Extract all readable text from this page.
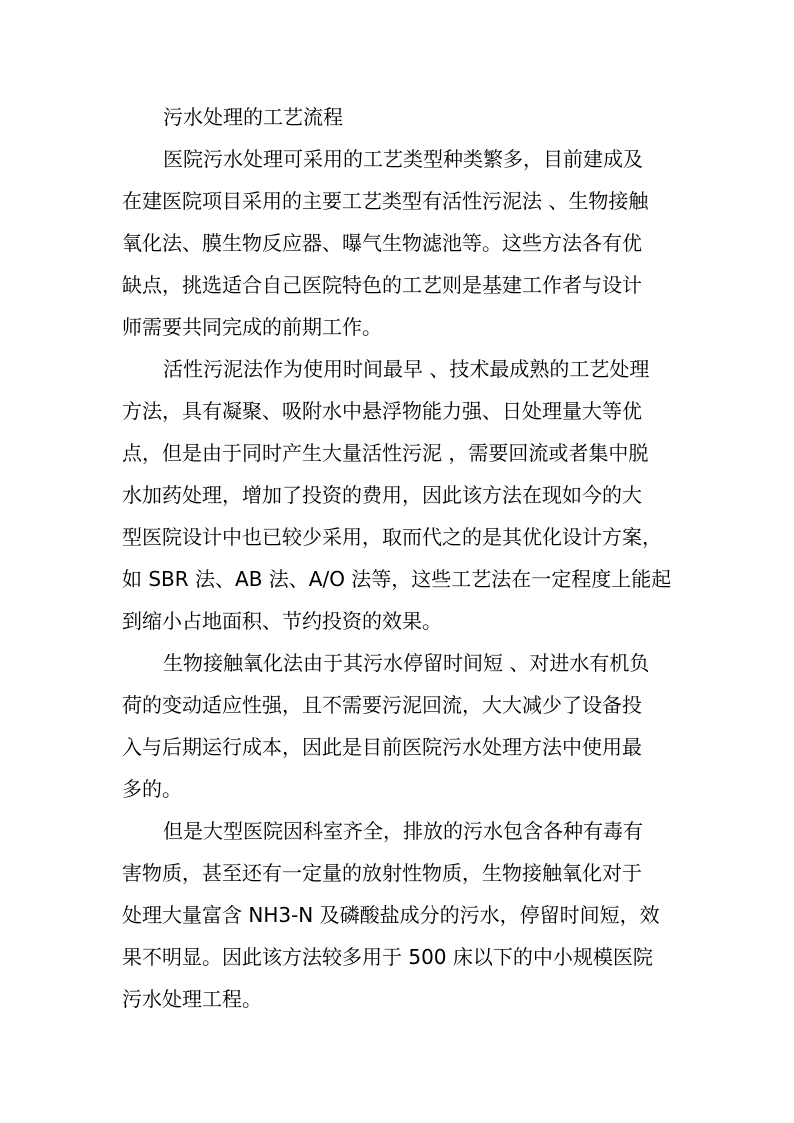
污水处理的工艺流程

医院污水处理可采用的工艺类型种类繁多，目前建成及

在建医院项目采用的主要工艺类型有活性污泥法 、生物接触

氧化法、膜生物反应器、曝气生物滤池等。这些方法各有优

缺点，挑选适合自己医院特色的工艺则是基建工作者与设计

师需要共同完成的前期工作。

活性污泥法作为使用时间最早 、技术最成熟的工艺处理

方法，具有凝聚、吸附水中悬浮物能力强、日处理量大等优

点，但是由于同时产生大量活性污泥 ，需要回流或者集中脱

水加药处理，增加了投资的费用，因此该方法在现如今的大

型医院设计中也已较少采用，取而代之的是其优化设计方案，

如 SBR 法、AB 法、A/O 法等，这些工艺法在一定程度上能起

到缩小占地面积、节约投资的效果。

生物接触氧化法由于其污水停留时间短 、对进水有机负

荷的变动适应性强，且不需要污泥回流，大大减少了设备投

入与后期运行成本，因此是目前医院污水处理方法中使用最

多的。

但是大型医院因科室齐全，排放的污水包含各种有毒有

害物质，甚至还有一定量的放射性物质，生物接触氧化对于

处理大量富含 NH3-N 及磷酸盐成分的污水，停留时间短，效

果不明显。因此该方法较多用于 500 床以下的中小规模医院

污水处理工程。
